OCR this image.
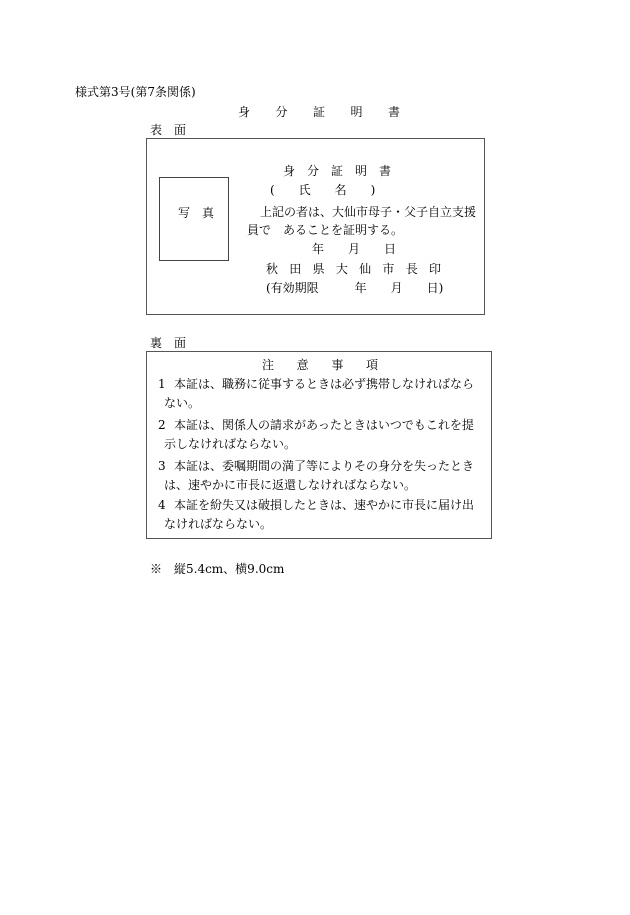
様式第3号(第7条関係)
身 分 証 明 書
表　面
身 分 証 明 書
(　　氏　　名　　)
写　真	上記の者は、大仙市母子・父子自立支援
員で　あることを証明する。
年　　月　　日
秋 田 県 大 仙 市 長 印
(有効期限　　　年　　月　　日)
裏　面
注 意 事 項
1 本証は、職務に従事するときは必ず携帯しなければなら
ない。
2 本証は、関係人の請求があったときはいつでもこれを提
示しなければならない。
3 本証は、委嘱期間の満了等によりその身分を失ったとき
は、速やかに市長に返還しなければならない。
4 本証を紛失又は破損したときは、速やかに市長に届け出
なければならない。
※　縦5.4cm、横9.0cm
